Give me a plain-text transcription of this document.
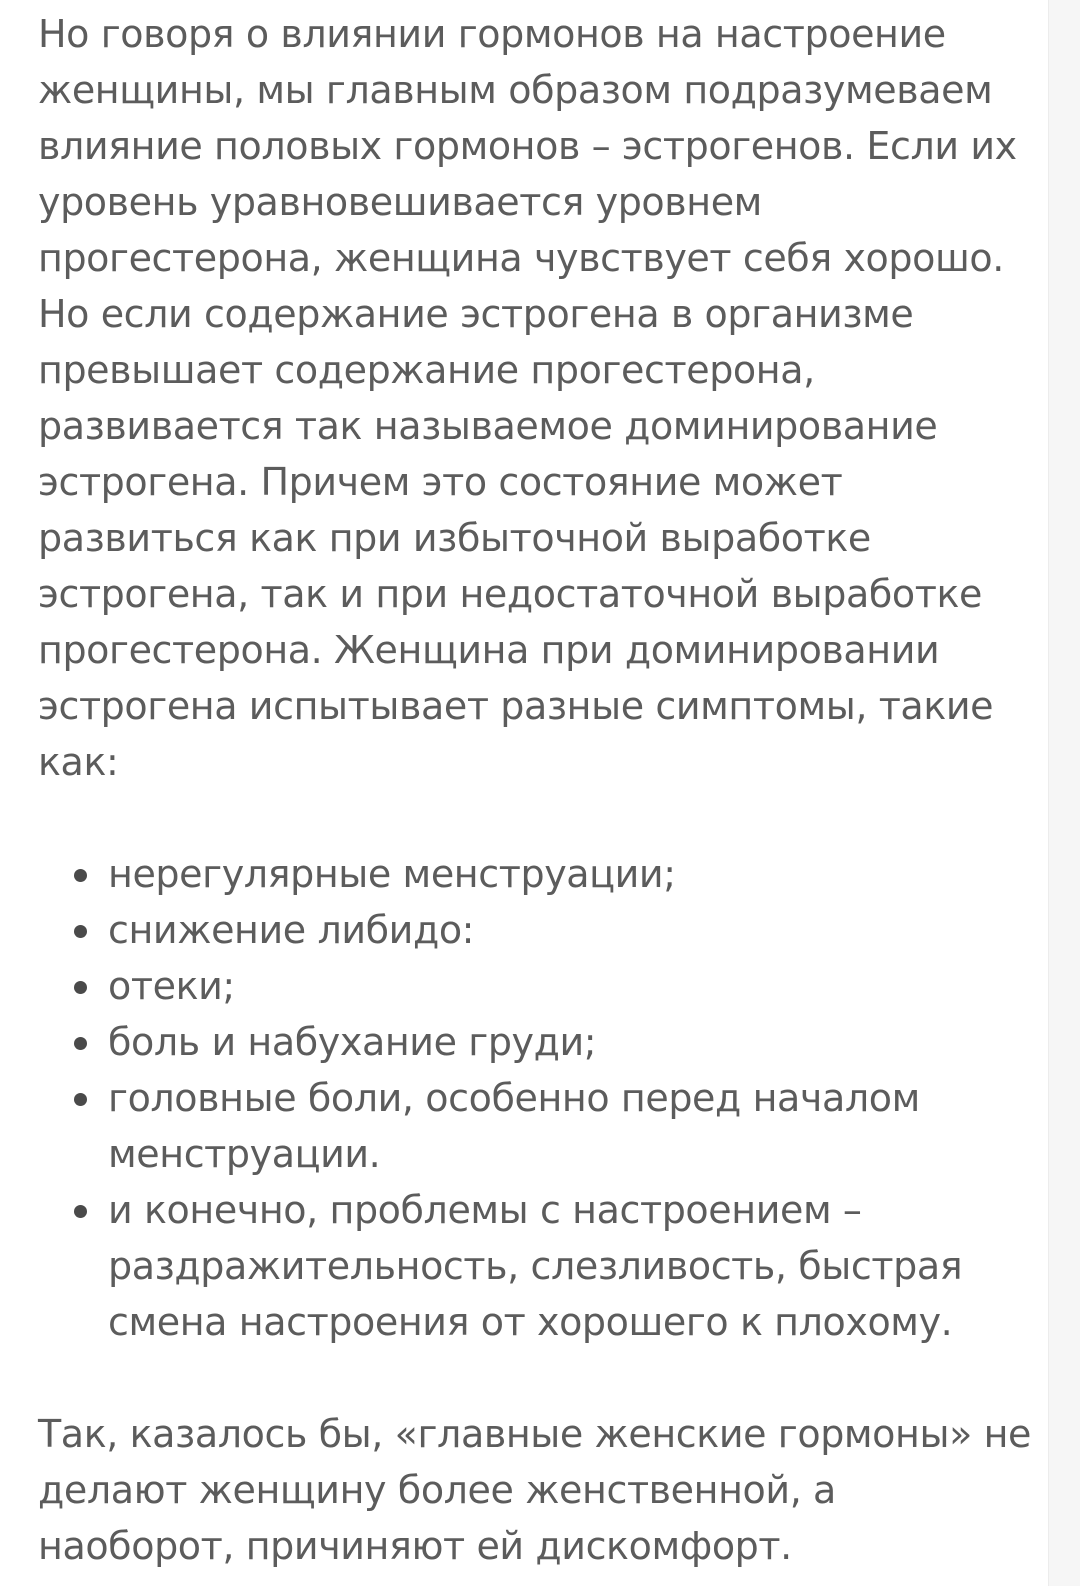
Но говоря о влиянии гормонов на настроение женщины, мы главным образом подразумеваем влияние половых гормонов – эстрогенов. Если их уровень уравновешивается уровнем прогестерона, женщина чувствует себя хорошо. Но если содержание эстрогена в организме превышает содержание прогестерона, развивается так называемое доминирование эстрогена. Причем это состояние может развиться как при избыточной выработке эстрогена, так и при недостаточной выработке прогестерона. Женщина при доминировании эстрогена испытывает разные симптомы, такие как:

нерегулярные менструации;
снижение либидо:
отеки;
боль и набухание груди;
головные боли, особенно перед началом менструации.
и конечно, проблемы с настроением – раздражительность, слезливость, быстрая смена настроения от хорошего к плохому.

Так, казалось бы, «главные женские гормоны» не делают женщину более женственной, а наоборот, причиняют ей дискомфорт.
